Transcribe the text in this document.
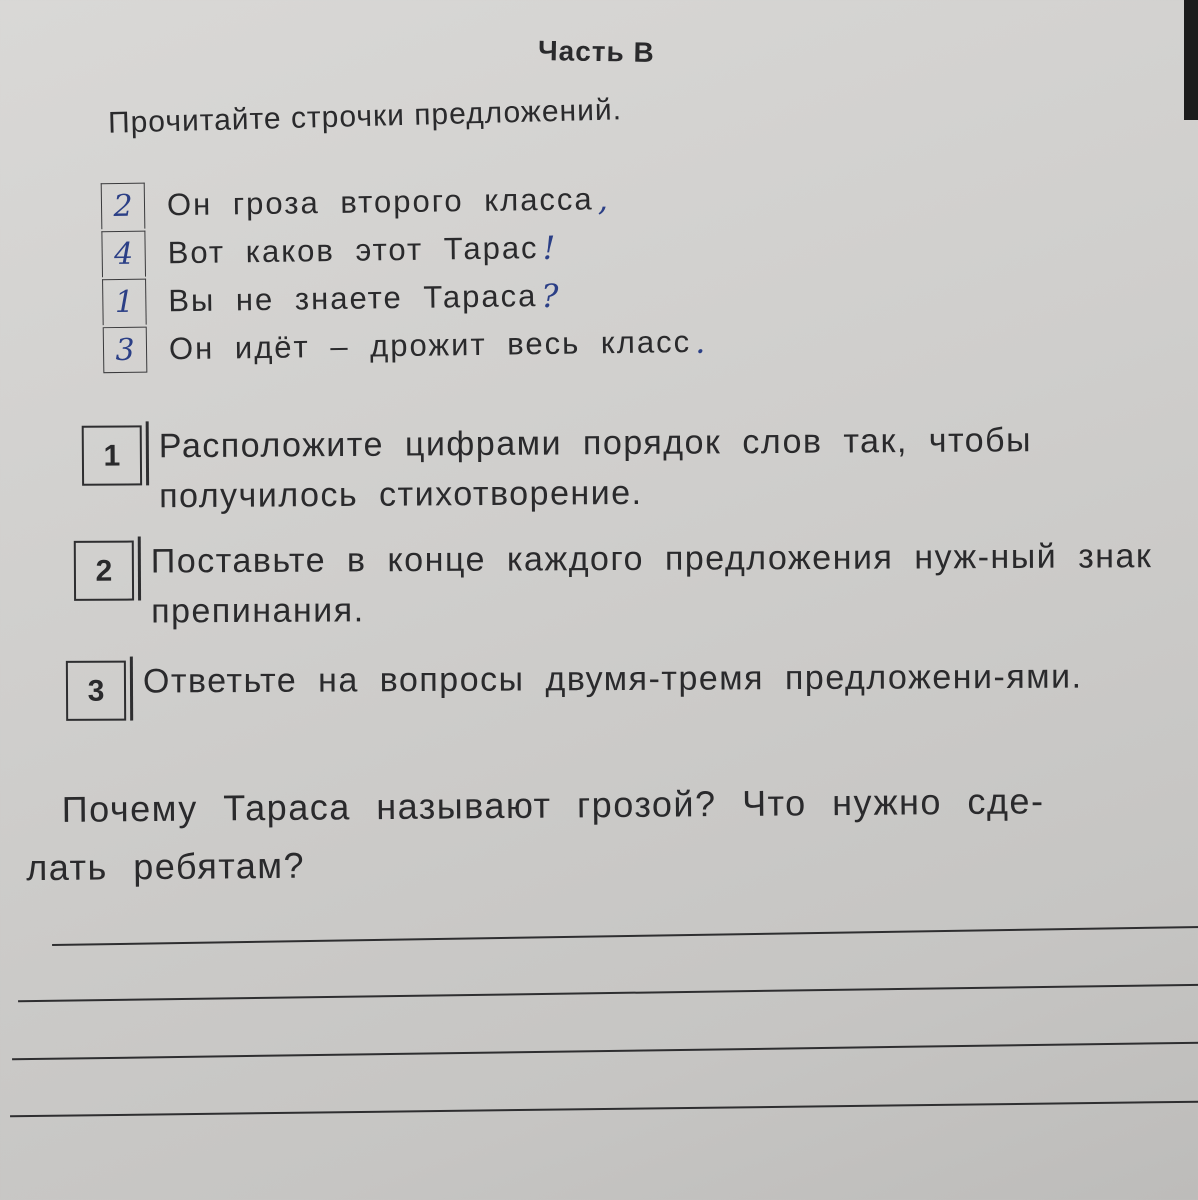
Часть В
Прочитайте строчки предложений.
2	Он гроза второго класса ,
4	Вот каков этот Тарас !
1	Вы не знаете Тараса ?
3	Он идёт – дрожит весь класс .
1	Расположите цифрами порядок слов так, чтобы получилось стихотворение.
2	Поставьте в конце каждого предложения нуж-ный знак препинания.
3	Ответьте на вопросы двумя-тремя предложени-ями.
Почему Тараса называют грозой? Что нужно сде-
лать ребятам?
